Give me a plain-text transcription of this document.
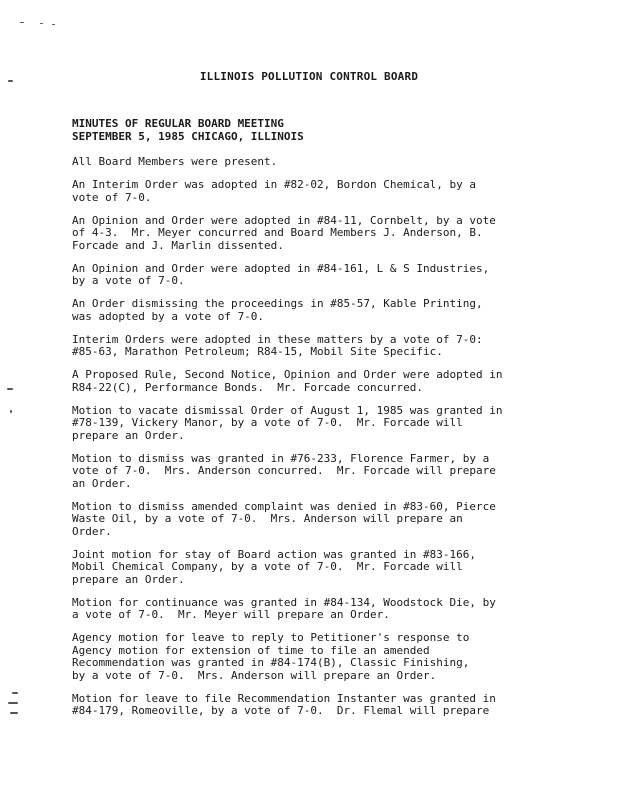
ILLINOIS POLLUTION CONTROL BOARD
MINUTES OF REGULAR BOARD MEETING
SEPTEMBER 5, 1985 CHICAGO, ILLINOIS

All Board Members were present.

An Interim Order was adopted in #82-02, Bordon Chemical, by a
vote of 7-0.

An Opinion and Order were adopted in #84-11, Cornbelt, by a vote
of 4-3.  Mr. Meyer concurred and Board Members J. Anderson, B.
Forcade and J. Marlin dissented.

An Opinion and Order were adopted in #84-161, L & S Industries,
by a vote of 7-0.

An Order dismissing the proceedings in #85-57, Kable Printing,
was adopted by a vote of 7-0.

Interim Orders were adopted in these matters by a vote of 7-0:
#85-63, Marathon Petroleum; R84-15, Mobil Site Specific.

A Proposed Rule, Second Notice, Opinion and Order were adopted in
R84-22(C), Performance Bonds.  Mr. Forcade concurred.

Motion to vacate dismissal Order of August 1, 1985 was granted in
#78-139, Vickery Manor, by a vote of 7-0.  Mr. Forcade will
prepare an Order.

Motion to dismiss was granted in #76-233, Florence Farmer, by a
vote of 7-0.  Mrs. Anderson concurred.  Mr. Forcade will prepare
an Order.

Motion to dismiss amended complaint was denied in #83-60, Pierce
Waste Oil, by a vote of 7-0.  Mrs. Anderson will prepare an
Order.

Joint motion for stay of Board action was granted in #83-166,
Mobil Chemical Company, by a vote of 7-0.  Mr. Forcade will
prepare an Order.

Motion for continuance was granted in #84-134, Woodstock Die, by
a vote of 7-0.  Mr. Meyer will prepare an Order.

Agency motion for leave to reply to Petitioner's response to
Agency motion for extension of time to file an amended
Recommendation was granted in #84-174(B), Classic Finishing,
by a vote of 7-0.  Mrs. Anderson will prepare an Order.

Motion for leave to file Recommendation Instanter was granted in
#84-179, Romeoville, by a vote of 7-0.  Dr. Flemal will prepare
